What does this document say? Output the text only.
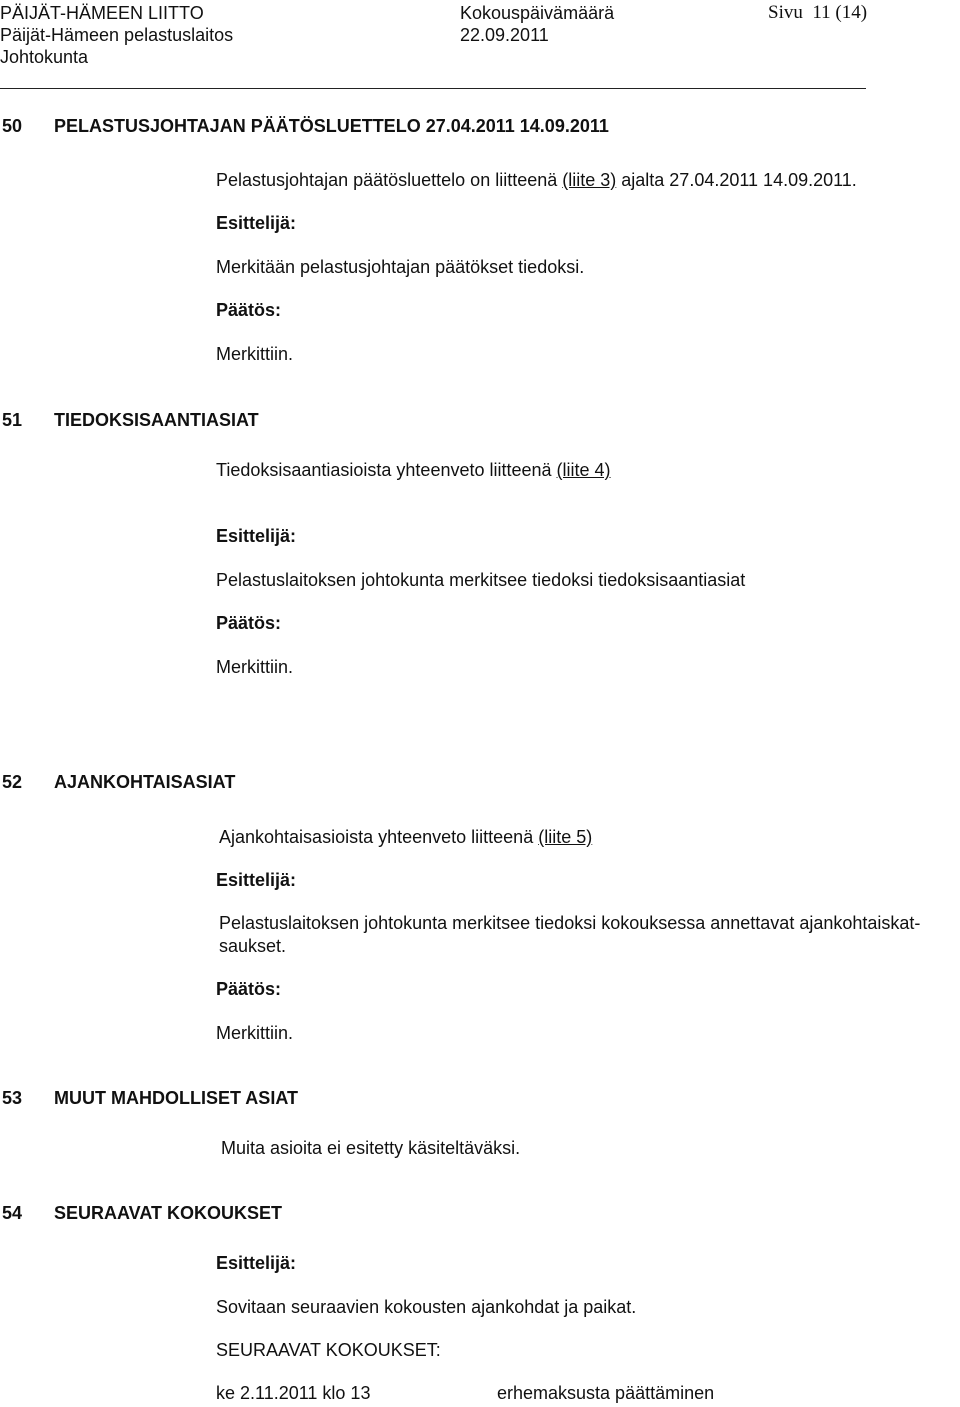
PÄIJÄT-HÄMEEN LIITTO
Päijät-Hämeen pelastuslaitos
Johtokunta
Kokouspäivämäärä
22.09.2011
Sivu 11 (14)
50 PELASTUSJOHTAJAN PÄÄTÖSLUETTELO 27.04.2011 14.09.2011
Pelastusjohtajan päätösluettelo on liitteenä (liite 3) ajalta 27.04.2011 14.09.2011.
Esittelijä:
Merkitään pelastusjohtajan päätökset tiedoksi.
Päätös:
Merkittiin.
51 TIEDOKSISAANTIASIAT
Tiedoksisaantiasioista yhteenveto liitteenä (liite 4)
Esittelijä:
Pelastuslaitoksen johtokunta merkitsee tiedoksi tiedoksisaantiasiat
Päätös:
Merkittiin.
52 AJANKOHTAISASIAT
Ajankohtaisasioista yhteenveto liitteenä (liite 5)
Esittelijä:
Pelastuslaitoksen johtokunta merkitsee tiedoksi kokouksessa annettavat ajankohtaiskat-
saukset.
Päätös:
Merkittiin.
53 MUUT MAHDOLLISET ASIAT
Muita asioita ei esitetty käsiteltäväksi.
54 SEURAAVAT KOKOUKSET
Esittelijä:
Sovitaan seuraavien kokousten ajankohdat ja paikat.
SEURAAVAT KOKOUKSET:
ke 2.11.2011 klo 13	erhemaksusta päättäminen
